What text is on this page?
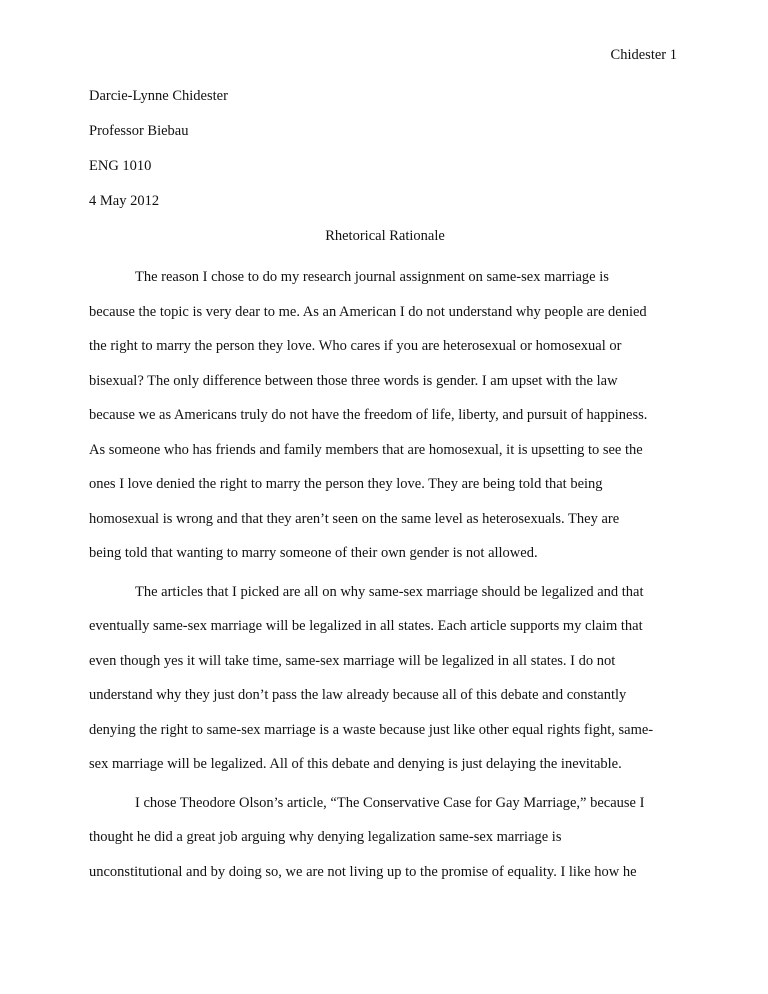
Chidester 1
Darcie-Lynne Chidester
Professor Biebau
ENG 1010
4 May 2012
Rhetorical Rationale
The reason I chose to do my research journal assignment on same-sex marriage is
because the topic is very dear to me. As an American I do not understand why people are denied
the right to marry the person they love. Who cares if you are heterosexual or homosexual or
bisexual? The only difference between those three words is gender. I am upset with the law
because we as Americans truly do not have the freedom of life, liberty, and pursuit of happiness.
As someone who has friends and family members that are homosexual, it is upsetting to see the
ones I love denied the right to marry the person they love. They are being told that being
homosexual is wrong and that they aren’t seen on the same level as heterosexuals. They are
being told that wanting to marry someone of their own gender is not allowed.
The articles that I picked are all on why same-sex marriage should be legalized and that
eventually same-sex marriage will be legalized in all states. Each article supports my claim that
even though yes it will take time, same-sex marriage will be legalized in all states. I do not
understand why they just don’t pass the law already because all of this debate and constantly
denying the right to same-sex marriage is a waste because just like other equal rights fight, same-
sex marriage will be legalized. All of this debate and denying is just delaying the inevitable.
I chose Theodore Olson’s article, “The Conservative Case for Gay Marriage,” because I
thought he did a great job arguing why denying legalization same-sex marriage is
unconstitutional and by doing so, we are not living up to the promise of equality. I like how he
